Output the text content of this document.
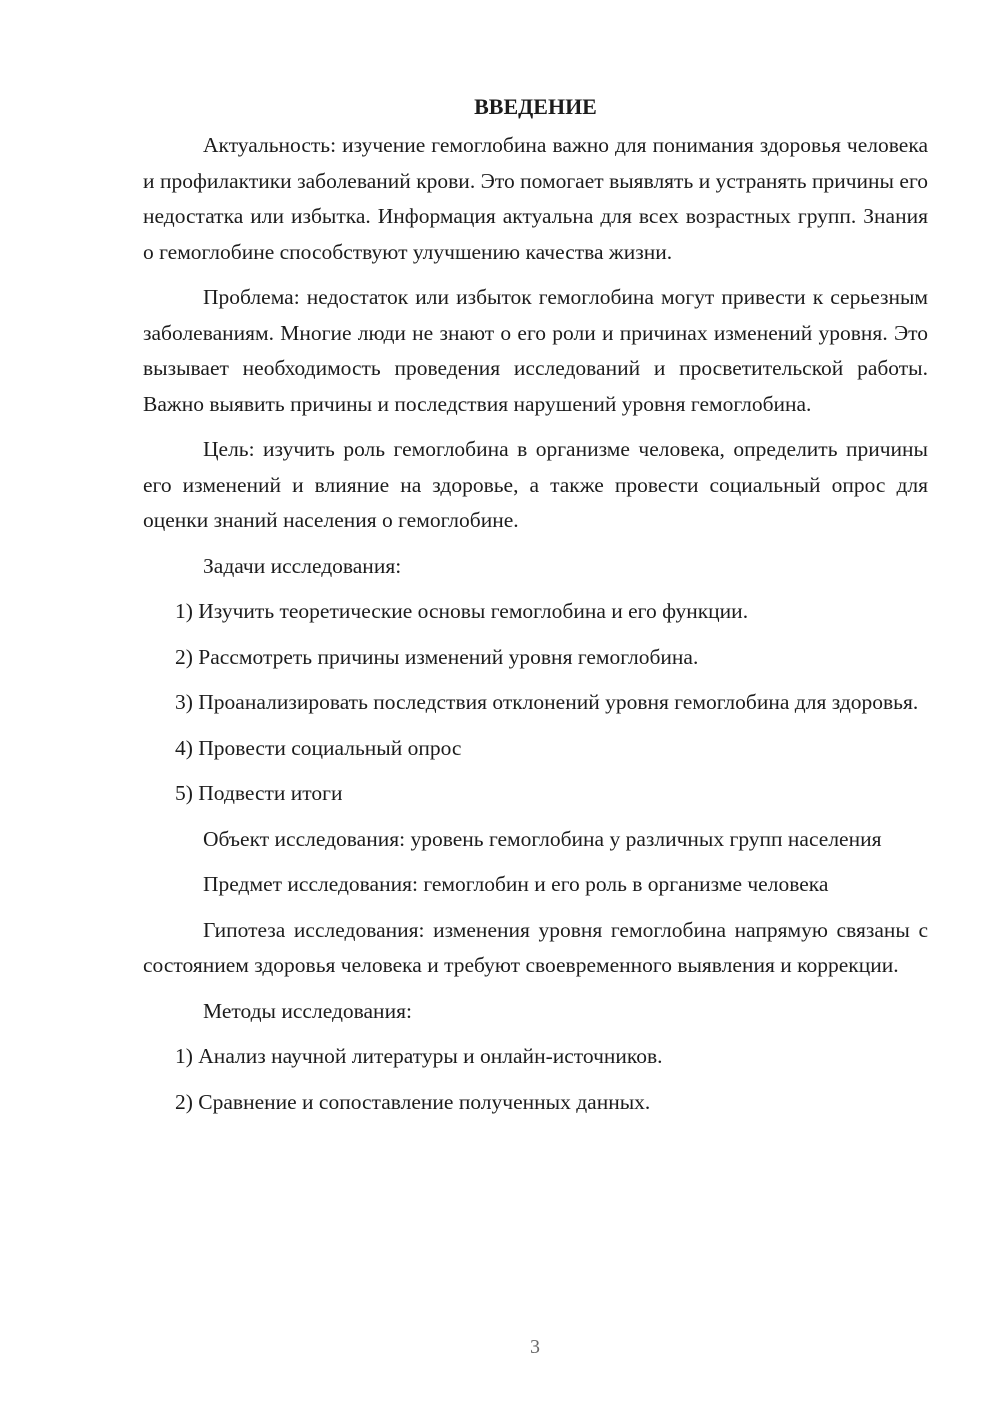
ВВЕДЕНИЕ

Актуальность: изучение гемоглобина важно для понимания здоровья человека и профилактики заболеваний крови. Это помогает выявлять и устранять причины его недостатка или избытка. Информация актуальна для всех возрастных групп. Знания о гемоглобине способствуют улучшению качества жизни.

Проблема: недостаток или избыток гемоглобина могут привести к серьезным заболеваниям. Многие люди не знают о его роли и причинах изменений уровня. Это вызывает необходимость проведения исследований и просветительской работы. Важно выявить причины и последствия нарушений уровня гемоглобина.

Цель: изучить роль гемоглобина в организме человека, определить причины его изменений и влияние на здоровье, а также провести социальный опрос для оценки знаний населения о гемоглобине.

Задачи исследования:

1) Изучить теоретические основы гемоглобина и его функции.

2) Рассмотреть причины изменений уровня гемоглобина.

3) Проанализировать последствия отклонений уровня гемоглобина для здоровья.

4) Провести социальный опрос

5) Подвести итоги

Объект исследования: уровень гемоглобина у различных групп населения

Предмет исследования: гемоглобин и его роль в организме человека

Гипотеза исследования: изменения уровня гемоглобина напрямую связаны с состоянием здоровья человека и требуют своевременного выявления и коррекции.

Методы исследования:

1) Анализ научной литературы и онлайн-источников.

2) Сравнение и сопоставление полученных данных.

3
